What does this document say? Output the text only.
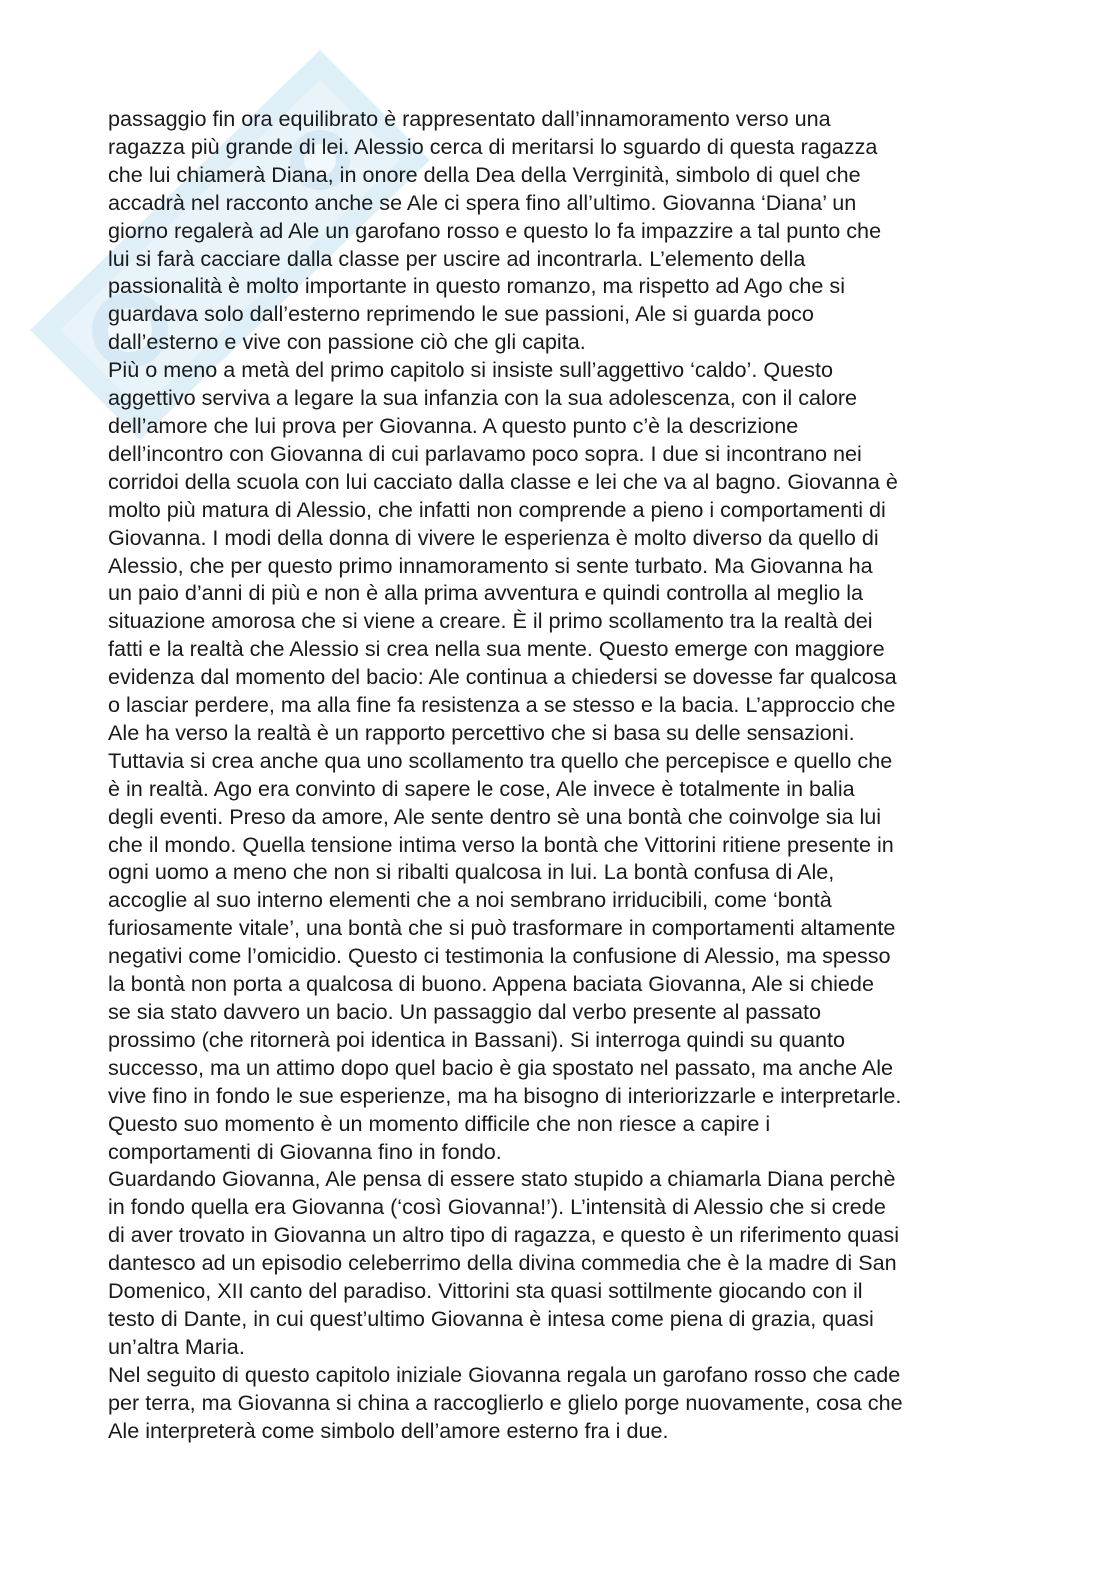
passaggio fin ora equilibrato è rappresentato dall’innamoramento verso una
ragazza più grande di lei. Alessio cerca di meritarsi lo sguardo di questa ragazza
che lui chiamerà Diana, in onore della Dea della Verrginità, simbolo di quel che
accadrà nel racconto anche se Ale ci spera fino all’ultimo. Giovanna ‘Diana’ un
giorno regalerà ad Ale un garofano rosso e questo lo fa impazzire a tal punto che
lui si farà cacciare dalla classe per uscire ad incontrarla. L’elemento della
passionalità è molto importante in questo romanzo, ma rispetto ad Ago che si
guardava solo dall’esterno reprimendo le sue passioni, Ale si guarda poco
dall’esterno e vive con passione ciò che gli capita.
Più o meno a metà del primo capitolo si insiste sull’aggettivo ‘caldo’. Questo
aggettivo serviva a legare la sua infanzia con la sua adolescenza, con il calore
dell’amore che lui prova per Giovanna. A questo punto c’è la descrizione
dell’incontro con Giovanna di cui parlavamo poco sopra. I due si incontrano nei
corridoi della scuola con lui cacciato dalla classe e lei che va al bagno. Giovanna è
molto più matura di Alessio, che infatti non comprende a pieno i comportamenti di
Giovanna. I modi della donna di vivere le esperienza è molto diverso da quello di
Alessio, che per questo primo innamoramento si sente turbato. Ma Giovanna ha
un paio d’anni di più e non è alla prima avventura e quindi controlla al meglio la
situazione amorosa che si viene a creare. È il primo scollamento tra la realtà dei
fatti e la realtà che Alessio si crea nella sua mente. Questo emerge con maggiore
evidenza dal momento del bacio: Ale continua a chiedersi se dovesse far qualcosa
o lasciar perdere, ma alla fine fa resistenza a se stesso e la bacia. L’approccio che
Ale ha verso la realtà è un rapporto percettivo che si basa su delle sensazioni.
Tuttavia si crea anche qua uno scollamento tra quello che percepisce e quello che
è in realtà. Ago era convinto di sapere le cose, Ale invece è totalmente in balia
degli eventi. Preso da amore, Ale sente dentro sè una bontà che coinvolge sia lui
che il mondo. Quella tensione intima verso la bontà che Vittorini ritiene presente in
ogni uomo a meno che non si ribalti qualcosa in lui. La bontà confusa di Ale,
accoglie al suo interno elementi che a noi sembrano irriducibili, come ‘bontà
furiosamente vitale’, una bontà che si può trasformare in comportamenti altamente
negativi come l’omicidio. Questo ci testimonia la confusione di Alessio, ma spesso
la bontà non porta a qualcosa di buono. Appena baciata Giovanna, Ale si chiede
se sia stato davvero un bacio. Un passaggio dal verbo presente al passato
prossimo (che ritornerà poi identica in Bassani). Si interroga quindi su quanto
successo, ma un attimo dopo quel bacio è gia spostato nel passato, ma anche Ale
vive fino in fondo le sue esperienze, ma ha bisogno di interiorizzarle e interpretarle.
Questo suo momento è un momento difficile che non riesce a capire i
comportamenti di Giovanna fino in fondo.
Guardando Giovanna, Ale pensa di essere stato stupido a chiamarla Diana perchè
in fondo quella era Giovanna (‘così Giovanna!’). L’intensità di Alessio che si crede
di aver trovato in Giovanna un altro tipo di ragazza, e questo è un riferimento quasi
dantesco ad un episodio celeberrimo della divina commedia che è la madre di San
Domenico, XII canto del paradiso. Vittorini sta quasi sottilmente giocando con il
testo di Dante, in cui quest’ultimo Giovanna è intesa come piena di grazia, quasi
un’altra Maria.
Nel seguito di questo capitolo iniziale Giovanna regala un garofano rosso che cade
per terra, ma Giovanna si china a raccoglierlo e glielo porge nuovamente, cosa che
Ale interpreterà come simbolo dell’amore esterno fra i due.
